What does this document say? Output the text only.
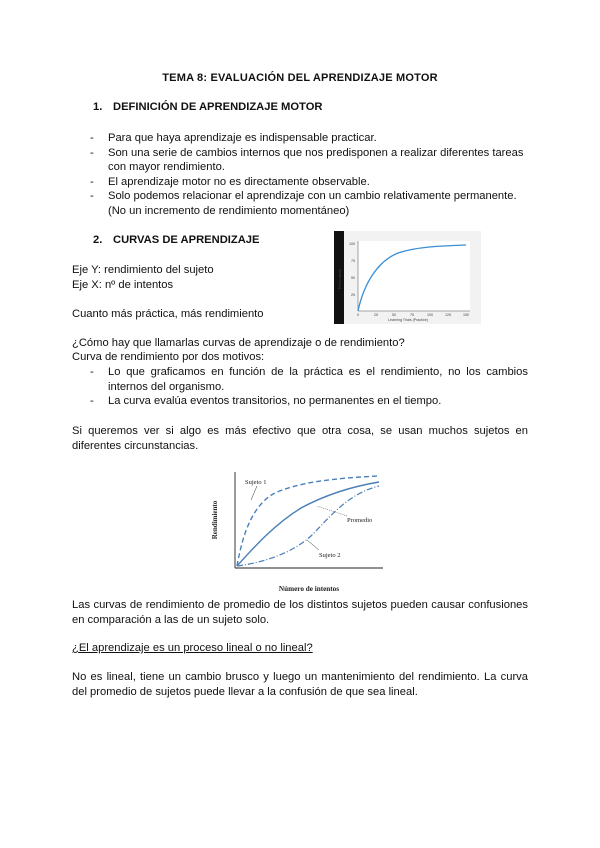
TEMA 8: EVALUACIÓN DEL APRENDIZAJE MOTOR
1. DEFINICIÓN DE APRENDIZAJE MOTOR
- Para que haya aprendizaje es indispensable practicar.
- Son una serie de cambios internos que nos predisponen a realizar diferentes tareas con mayor rendimiento.
- El aprendizaje motor no es directamente observable.
- Solo podemos relacionar el aprendizaje con un cambio relativamente permanente. (No un incremento de rendimiento momentáneo)
2. CURVAS DE APRENDIZAJE
Eje Y: rendimiento del sujeto
Eje X: nº de intentos
Cuanto más práctica, más rendimiento
100
75
50
25
0	25	50	75	100	125	150
Performance
Learning Trials (Practice)
¿Cómo hay que llamarlas curvas de aprendizaje o de rendimiento?
Curva de rendimiento por dos motivos:
- Lo que graficamos en función de la práctica es el rendimiento, no los cambios internos del organismo.
- La curva evalúa eventos transitorios, no permanentes en el tiempo.
Si queremos ver si algo es más efectivo que otra cosa, se usan muchos sujetos en diferentes circunstancias.
Rendimiento
Número de intentos
Sujeto 1
Promedio
Sujeto 2
Las curvas de rendimiento de promedio de los distintos sujetos pueden causar confusiones en comparación a las de un sujeto solo.
¿El aprendizaje es un proceso lineal o no lineal?
No es lineal, tiene un cambio brusco y luego un mantenimiento del rendimiento. La curva del promedio de sujetos puede llevar a la confusión de que sea lineal.
